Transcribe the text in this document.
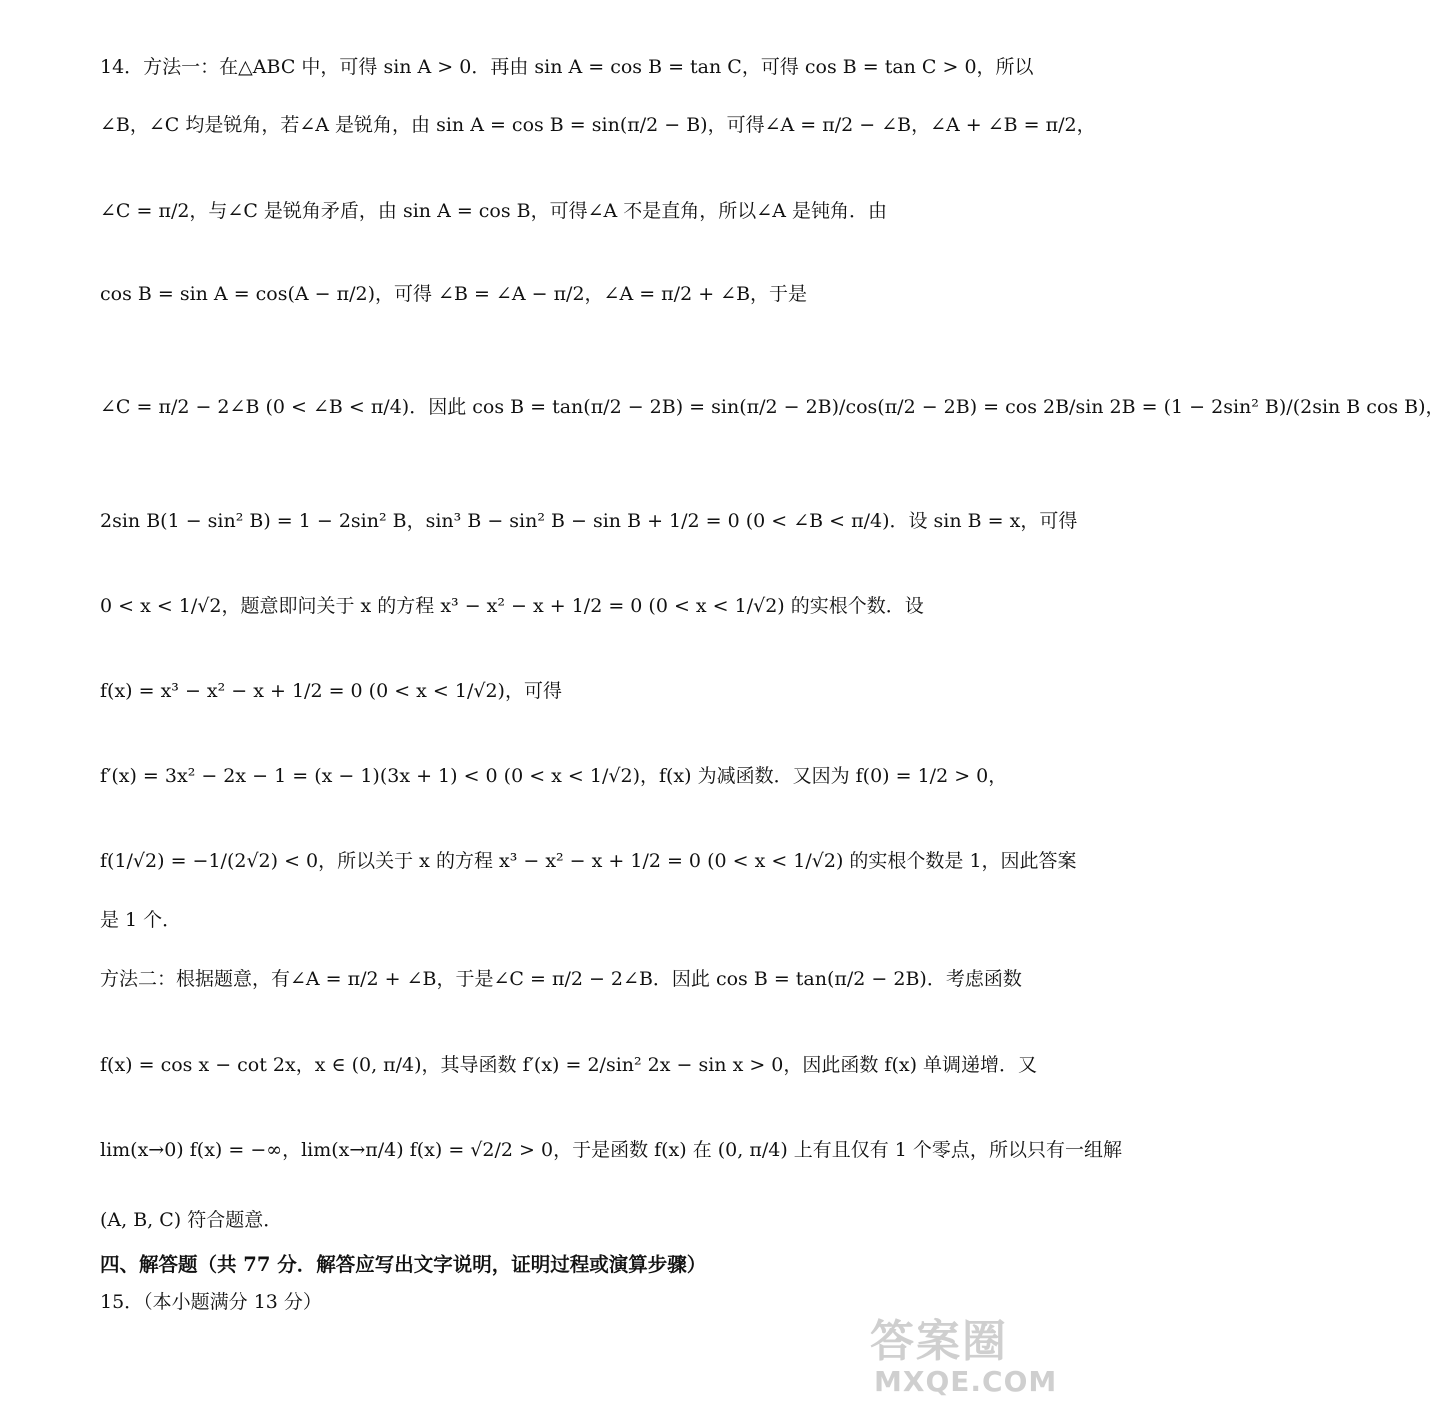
14．方法一：在△ABC 中，可得 sin A > 0．再由 sin A = cos B = tan C，可得 cos B = tan C > 0，所以
∠B，∠C 均是锐角，若∠A 是锐角，由 sin A = cos B = sin(π/2 − B)，可得∠A = π/2 − ∠B，∠A + ∠B = π/2，
∠C = π/2，与∠C 是锐角矛盾，由 sin A = cos B，可得∠A 不是直角，所以∠A 是钝角．由
cos B = sin A = cos(A − π/2)，可得 ∠B = ∠A − π/2，∠A = π/2 + ∠B，于是
∠C = π/2 − 2∠B (0 < ∠B < π/4)．因此 cos B = tan(π/2 − 2B) = sin(π/2 − 2B)/cos(π/2 − 2B) = cos 2B/sin 2B = (1 − 2sin² B)/(2sin B cos B)，
2sin B(1 − sin² B) = 1 − 2sin² B，sin³ B − sin² B − sin B + 1/2 = 0 (0 < ∠B < π/4)．设 sin B = x，可得
0 < x < 1/√2，题意即问关于 x 的方程 x³ − x² − x + 1/2 = 0 (0 < x < 1/√2) 的实根个数．设
f(x) = x³ − x² − x + 1/2 = 0 (0 < x < 1/√2)，可得
f′(x) = 3x² − 2x − 1 = (x − 1)(3x + 1) < 0 (0 < x < 1/√2)，f(x) 为减函数．又因为 f(0) = 1/2 > 0，
f(1/√2) = −1/(2√2) < 0，所以关于 x 的方程 x³ − x² − x + 1/2 = 0 (0 < x < 1/√2) 的实根个数是 1，因此答案
是 1 个．
方法二：根据题意，有∠A = π/2 + ∠B，于是∠C = π/2 − 2∠B．因此 cos B = tan(π/2 − 2B)．考虑函数
f(x) = cos x − cot 2x，x ∈ (0, π/4)，其导函数 f′(x) = 2/sin² 2x − sin x > 0，因此函数 f(x) 单调递增．又
lim(x→0) f(x) = −∞，lim(x→π/4) f(x) = √2/2 > 0，于是函数 f(x) 在 (0, π/4) 上有且仅有 1 个零点，所以只有一组解
(A, B, C) 符合题意．
四、解答题（共 77 分．解答应写出文字说明，证明过程或演算步骤）
15．（本小题满分 13 分）
答案圈
MXQE.COM
